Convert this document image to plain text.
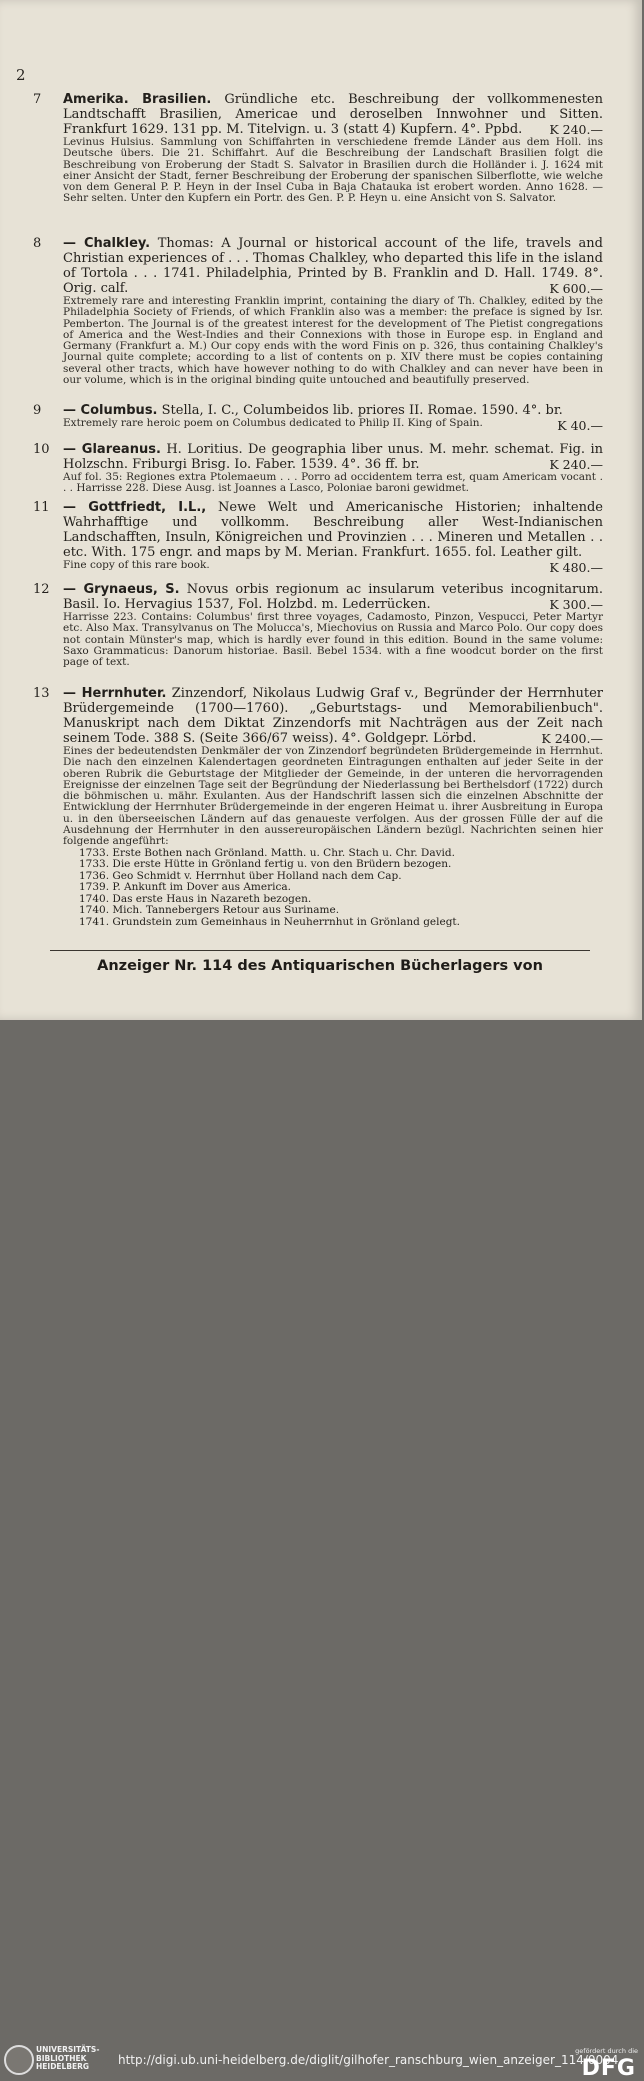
2
7 Amerika. Brasilien. Gründliche etc. Beschreibung der vollkommenesten Landtschafft Brasilien, Americae und deroselben Innwohner und Sitten. Frankfurt 1629. 131 pp. M. Titelvign. u. 3 (statt 4) Kupfern. 4°. Ppbd. K 240.—

Levinus Hulsius. Sammlung von Schiffahrten in verschiedene fremde Länder aus dem Holl. ins Deutsche übers. Die 21. Schiffahrt. Auf die Beschreibung der Landschaft Brasilien folgt die Beschreibung von Eroberung der Stadt S. Salvator in Brasilien durch die Holländer i. J. 1624 mit einer Ansicht der Stadt, ferner Beschreibung der Eroberung der spanischen Silberflotte, wie welche von dem General P. P. Heyn in der Insel Cuba in Baja Chatauka ist erobert worden. Anno 1628. — Sehr selten. Unter den Kupfern ein Portr. des Gen. P. P. Heyn u. eine Ansicht von S. Salvator.

8 — Chalkley. Thomas: A Journal or historical account of the life, travels and Christian experiences of . . . Thomas Chalkley, who departed this life in the island of Tortola . . . 1741. Philadelphia, Printed by B. Franklin and D. Hall. 1749. 8°. Orig. calf.	K 600.—

Extremely rare and interesting Franklin imprint, containing the diary of Th. Chalkley, edited by the Philadelphia Society of Friends, of which Franklin also was a member: the preface is signed by Isr. Pemberton. The Journal is of the greatest interest for the development of The Pietist congregations of America and the West-Indies and their Connexions with those in Europe esp. in England and Germany (Frankfurt a. M.) Our copy ends with the word Finis on p. 326, thus containing Chalkley's Journal quite complete; according to a list of contents on p. XIV there must be copies containing several other tracts, which have however nothing to do with Chalkley and can never have been in our volume, which is in the original binding quite untouched and beautifully preserved.

9 — Columbus. Stella, I. C., Columbeidos lib. priores II. Romae. 1590. 4°. br.
K 40.—

Extremely rare heroic poem on Columbus dedicated to Philip II. King of Spain.

10 — Glareanus. H. Loritius. De geographia liber unus. M. mehr. schemat. Fig. in Holzschn. Friburgi Brisg. Io. Faber. 1539. 4°. 36 ff. br.	K 240.—

Auf fol. 35: Regiones extra Ptolemaeum . . . Porro ad occidentem terra est, quam Americam vocant . . . Harrisse 228. Diese Ausg. ist Joannes a Lasco, Poloniae baroni gewidmet.

11 — Gottfriedt, I.L., Newe Welt und Americanische Historien; inhaltende Wahrhafftige und vollkomm. Beschreibung aller West-Indianischen Landschafften, Insuln, Königreichen und Provinzien . . . Mineren und Metallen . . etc. With. 175 engr. and maps by M. Merian. Frankfurt. 1655. fol. Leather gilt.
K 480.—

Fine copy of this rare book.

12 — Grynaeus, S. Novus orbis regionum ac insularum veteribus incognitarum. Basil. Io. Hervagius 1537, Fol. Holzbd. m. Lederrücken.	K 300.—

Harrisse 223. Contains: Columbus' first three voyages, Cadamosto, Pinzon, Vespucci, Peter Martyr etc. Also Max. Transylvanus on The Molucca's, Miechovius on Russia and Marco Polo. Our copy does not contain Münster's map, which is hardly ever found in this edition. Bound in the same volume: Saxo Grammaticus: Danorum historiae. Basil. Bebel 1534. with a fine woodcut border on the first page of text.

13 — Herrnhuter. Zinzendorf, Nikolaus Ludwig Graf v., Begründer der Herrnhuter Brüdergemeinde (1700—1760). „Geburtstags- und Memorabilienbuch". Manuskript nach dem Diktat Zinzendorfs mit Nachträgen aus der Zeit nach seinem Tode. 388 S. (Seite 366/67 weiss). 4°. Goldgepr. Lörbd.	K 2400.—

Eines der bedeutendsten Denkmäler der von Zinzendorf begründeten Brüdergemeinde in Herrnhut. Die nach den einzelnen Kalendertagen geordneten Eintragungen enthalten auf jeder Seite in der oberen Rubrik die Geburtstage der Mitglieder der Gemeinde, in der unteren die hervorragenden Ereignisse der einzelnen Tage seit der Begründung der Niederlassung bei Berthelsdorf (1722) durch die böhmischen u. mähr. Exulanten. Aus der Handschrift lassen sich die einzelnen Abschnitte der Entwicklung der Herrnhuter Brüdergemeinde in der engeren Heimat u. ihrer Ausbreitung in Europa u. in den überseeischen Ländern auf das genaueste verfolgen. Aus der grossen Fülle der auf die Ausdehnung der Herrnhuter in den aussereuropäischen Ländern bezügl. Nachrichten seinen hier folgende angeführt:

1733. Erste Bothen nach Grönland. Matth. u. Chr. Stach u. Chr. David.
1733. Die erste Hütte in Grönland fertig u. von den Brüdern bezogen.
1736. Geo Schmidt v. Herrnhut über Holland nach dem Cap.
1739. P. Ankunft im Dover aus America.
1740. Das erste Haus in Nazareth bezogen.
1740. Mich. Tannebergers Retour aus Suriname.
1741. Grundstein zum Gemeinhaus in Neuherrnhut in Grönland gelegt.
Anzeiger Nr. 114 des Antiquarischen Bücherlagers von
UNIVERSITÄTS-
BIBLIOTHEK
HEIDELBERG	http://digi.ub.uni-heidelberg.de/diglit/gilhofer_ranschburg_wien_anzeiger_114/0004
gefördert durch die
DFG
